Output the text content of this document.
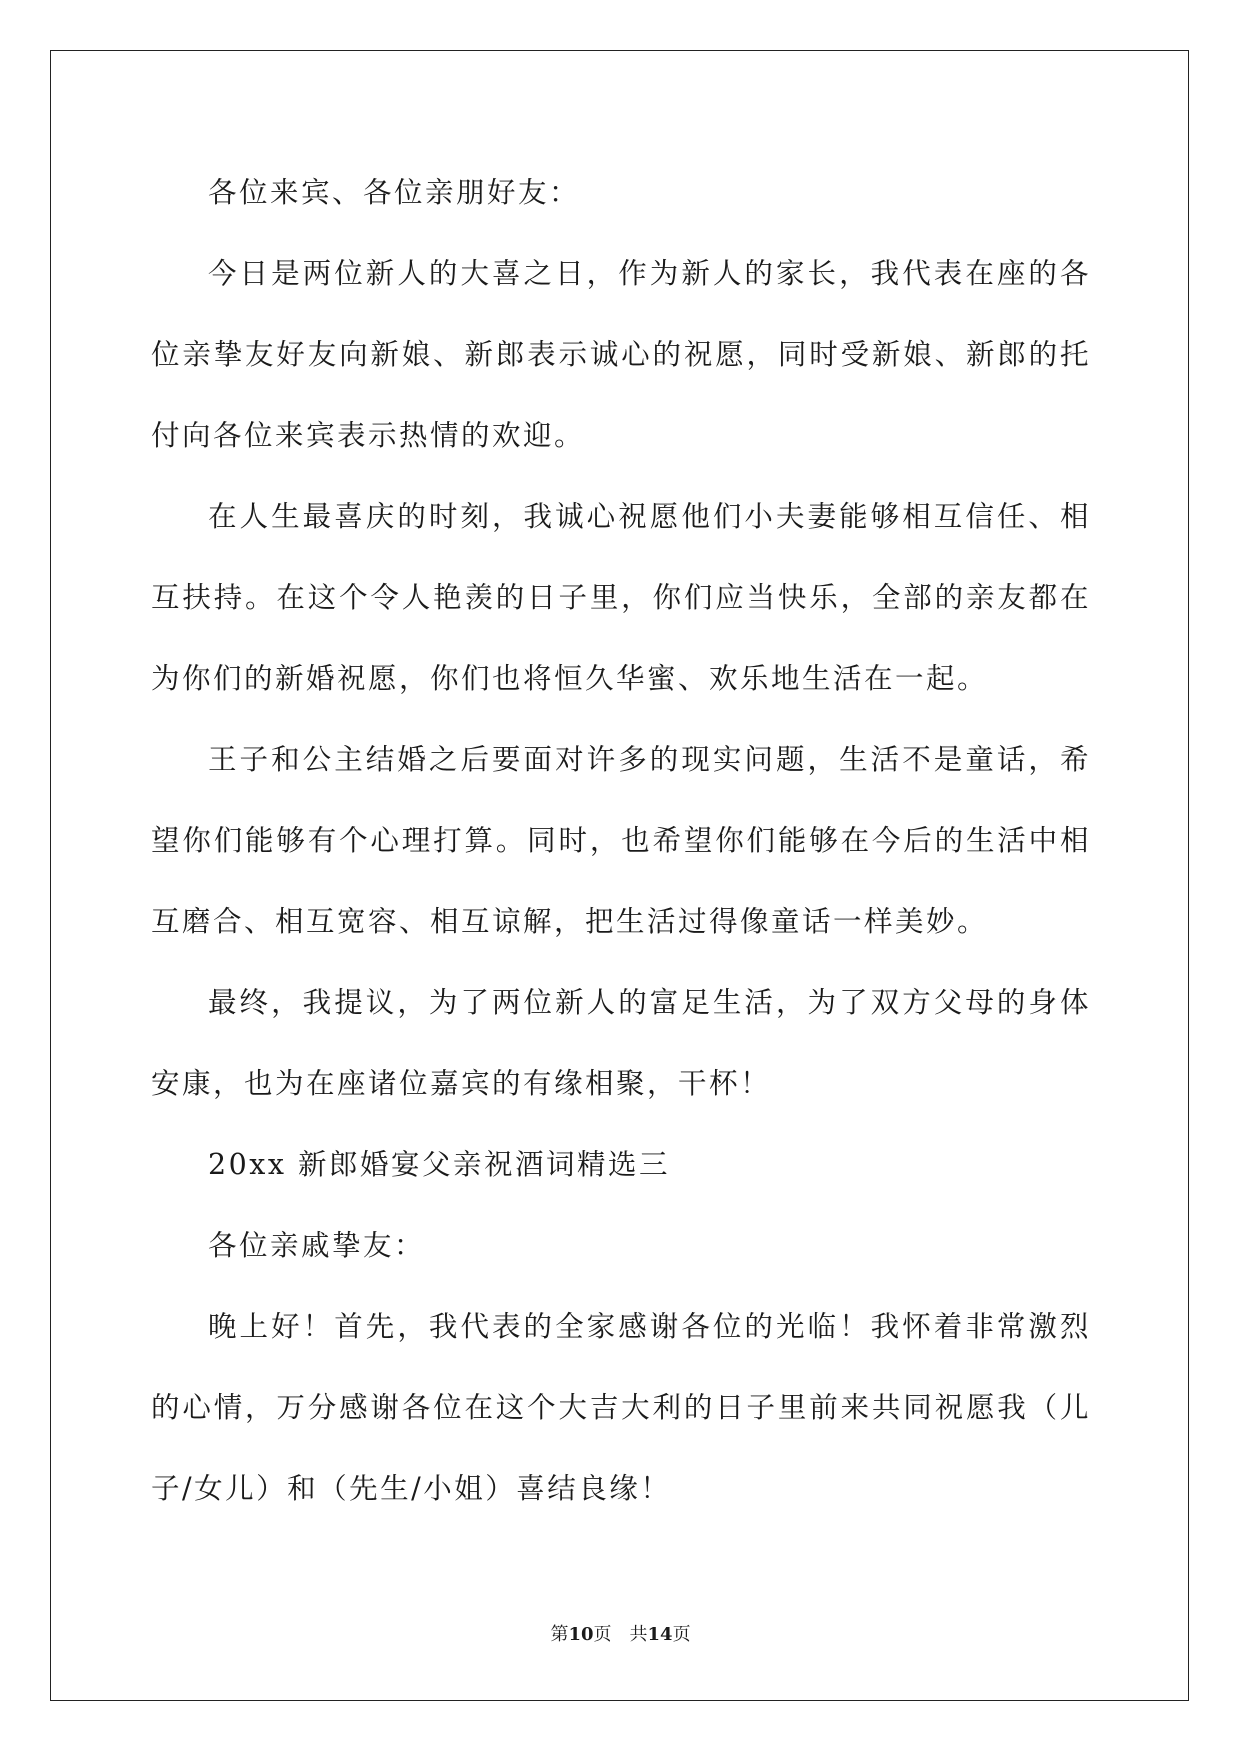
各位来宾、各位亲朋好友：

今日是两位新人的大喜之日，作为新人的家长，我代表在座的各位亲挚友好友向新娘、新郎表示诚心的祝愿，同时受新娘、新郎的托付向各位来宾表示热情的欢迎。

在人生最喜庆的时刻，我诚心祝愿他们小夫妻能够相互信任、相互扶持。在这个令人艳羡的日子里，你们应当快乐，全部的亲友都在为你们的新婚祝愿，你们也将恒久华蜜、欢乐地生活在一起。

王子和公主结婚之后要面对许多的现实问题，生活不是童话，希望你们能够有个心理打算。同时，也希望你们能够在今后的生活中相互磨合、相互宽容、相互谅解，把生活过得像童话一样美妙。

最终，我提议，为了两位新人的富足生活，为了双方父母的身体安康，也为在座诸位嘉宾的有缘相聚，干杯！

20xx 新郎婚宴父亲祝酒词精选三

各位亲戚挚友：

晚上好！首先，我代表的全家感谢各位的光临！我怀着非常激烈的心情，万分感谢各位在这个大吉大利的日子里前来共同祝愿我（儿子/女儿）和（先生/小姐）喜结良缘！

第10页 共14页
